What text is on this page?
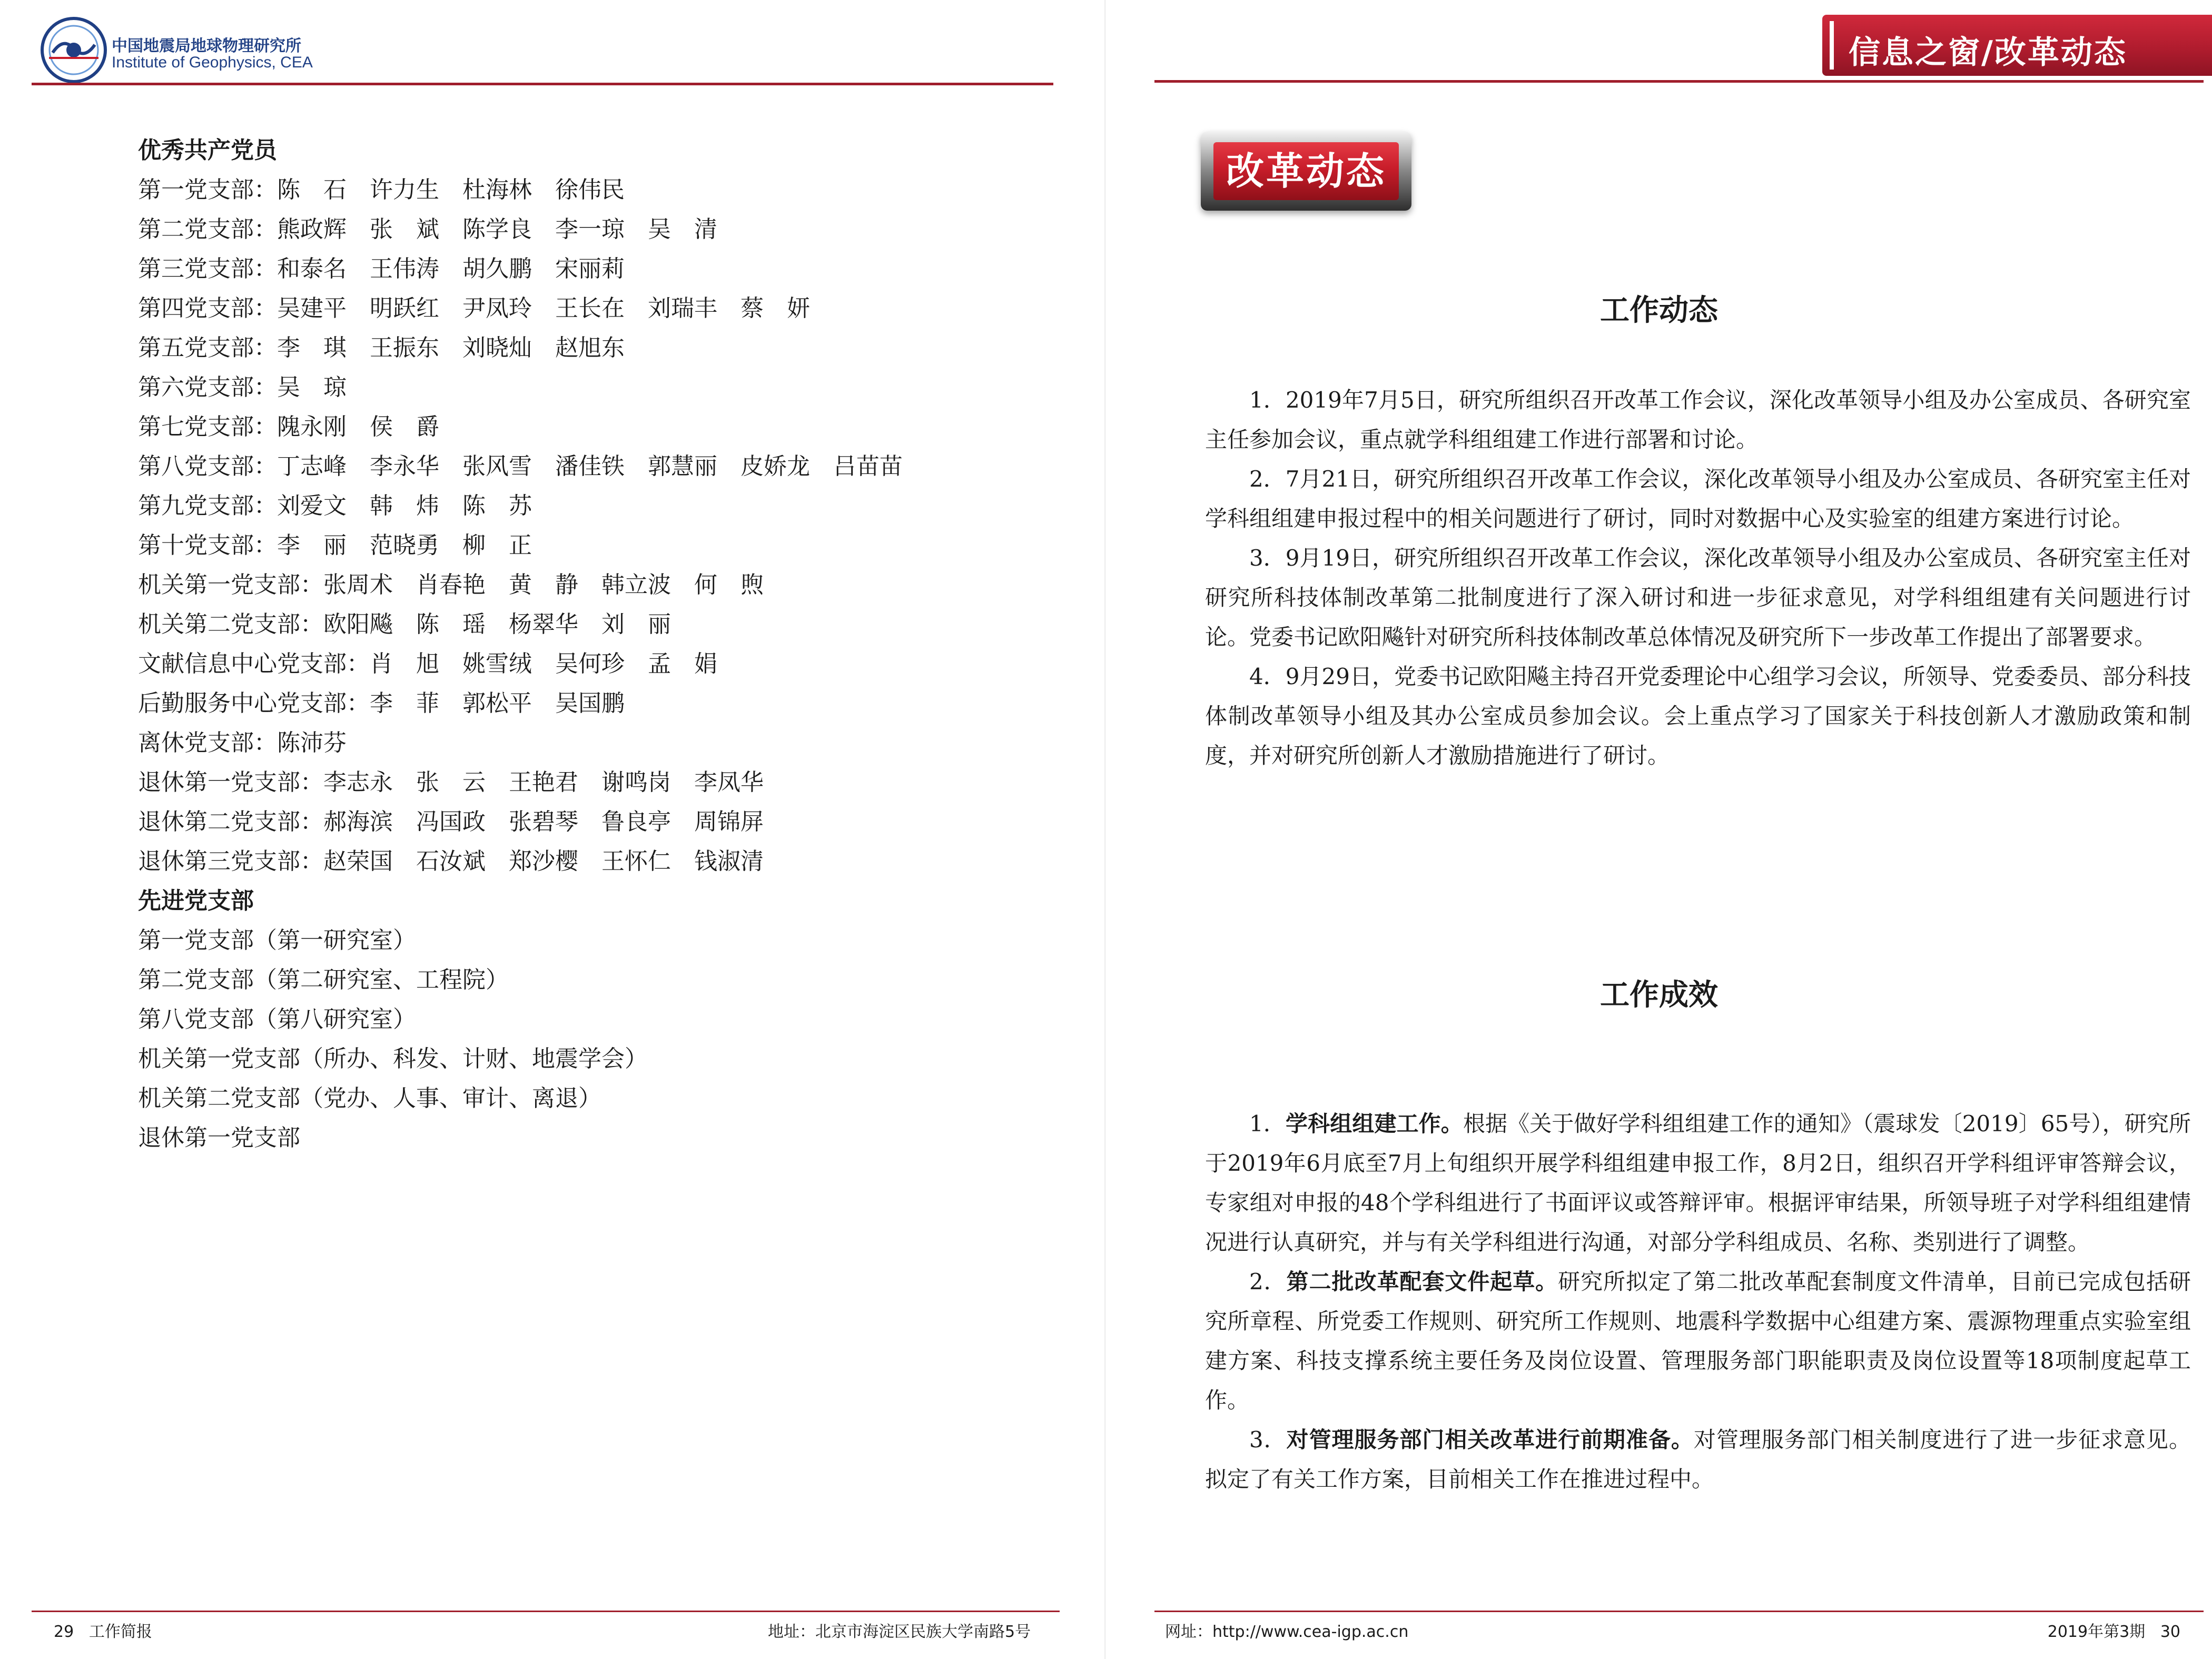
中国地震局地球物理研究所
Institute of Geophysics, CEA
优秀共产党员
第一党支部：陈　石 许力生 杜海林 徐伟民
第二党支部：熊政辉 张　斌 陈学良 李一琼 吴　清
第三党支部：和泰名 王伟涛 胡久鹏 宋丽莉
第四党支部：吴建平 明跃红 尹凤玲 王长在 刘瑞丰 蔡　妍
第五党支部：李　琪 王振东 刘晓灿 赵旭东
第六党支部：吴　琼
第七党支部：隗永刚 侯　爵
第八党支部：丁志峰 李永华 张风雪 潘佳铁 郭慧丽 皮娇龙 吕苗苗
第九党支部：刘爱文 韩　炜 陈　苏
第十党支部：李　丽 范晓勇 柳　正
机关第一党支部：张周术 肖春艳 黄　静 韩立波 何　煦
机关第二党支部：欧阳飚 陈　瑶 杨翠华 刘　丽
文献信息中心党支部：肖　旭 姚雪绒 吴何珍 孟　娟
后勤服务中心党支部：李　菲 郭松平 吴国鹏
离休党支部：陈沛芬
退休第一党支部：李志永 张　云 王艳君 谢鸣岗 李凤华
退休第二党支部：郝海滨 冯国政 张碧琴 鲁良亭 周锦屏
退休第三党支部：赵荣国 石汝斌 郑沙樱 王怀仁 钱淑清
先进党支部
第一党支部（第一研究室）
第二党支部（第二研究室、工程院）
第八党支部（第八研究室）
机关第一党支部（所办、科发、计财、地震学会）
机关第二党支部（党办、人事、审计、离退）
退休第一党支部
29 工作简报	地址：北京市海淀区民族大学南路5号
信息之窗/改革动态
改革动态
工作动态
1．2019年7月5日，研究所组织召开改革工作会议，深化改革领导小组及办公室成员、各研究室主任参加会议，重点就学科组组建工作进行部署和讨论。
2．7月21日，研究所组织召开改革工作会议，深化改革领导小组及办公室成员、各研究室主任对学科组组建申报过程中的相关问题进行了研讨，同时对数据中心及实验室的组建方案进行讨论。
3．9月19日，研究所组织召开改革工作会议，深化改革领导小组及办公室成员、各研究室主任对研究所科技体制改革第二批制度进行了深入研讨和进一步征求意见，对学科组组建有关问题进行讨论。党委书记欧阳飚针对研究所科技体制改革总体情况及研究所下一步改革工作提出了部署要求。
4．9月29日，党委书记欧阳飚主持召开党委理论中心组学习会议，所领导、党委委员、部分科技体制改革领导小组及其办公室成员参加会议。会上重点学习了国家关于科技创新人才激励政策和制度，并对研究所创新人才激励措施进行了研讨。
工作成效
1．学科组组建工作。根据《关于做好学科组组建工作的通知》（震球发〔2019〕65号），研究所于2019年6月底至7月上旬组织开展学科组组建申报工作，8月2日，组织召开学科组评审答辩会议，专家组对申报的48个学科组进行了书面评议或答辩评审。根据评审结果，所领导班子对学科组组建情况进行认真研究，并与有关学科组进行沟通，对部分学科组成员、名称、类别进行了调整。
2．第二批改革配套文件起草。研究所拟定了第二批改革配套制度文件清单，目前已完成包括研究所章程、所党委工作规则、研究所工作规则、地震科学数据中心组建方案、震源物理重点实验室组建方案、科技支撑系统主要任务及岗位设置、管理服务部门职能职责及岗位设置等18项制度起草工作。
3．对管理服务部门相关改革进行前期准备。对管理服务部门相关制度进行了进一步征求意见。拟定了有关工作方案，目前相关工作在推进过程中。
网址：http://www.cea-igp.ac.cn	2019年第3期 30
